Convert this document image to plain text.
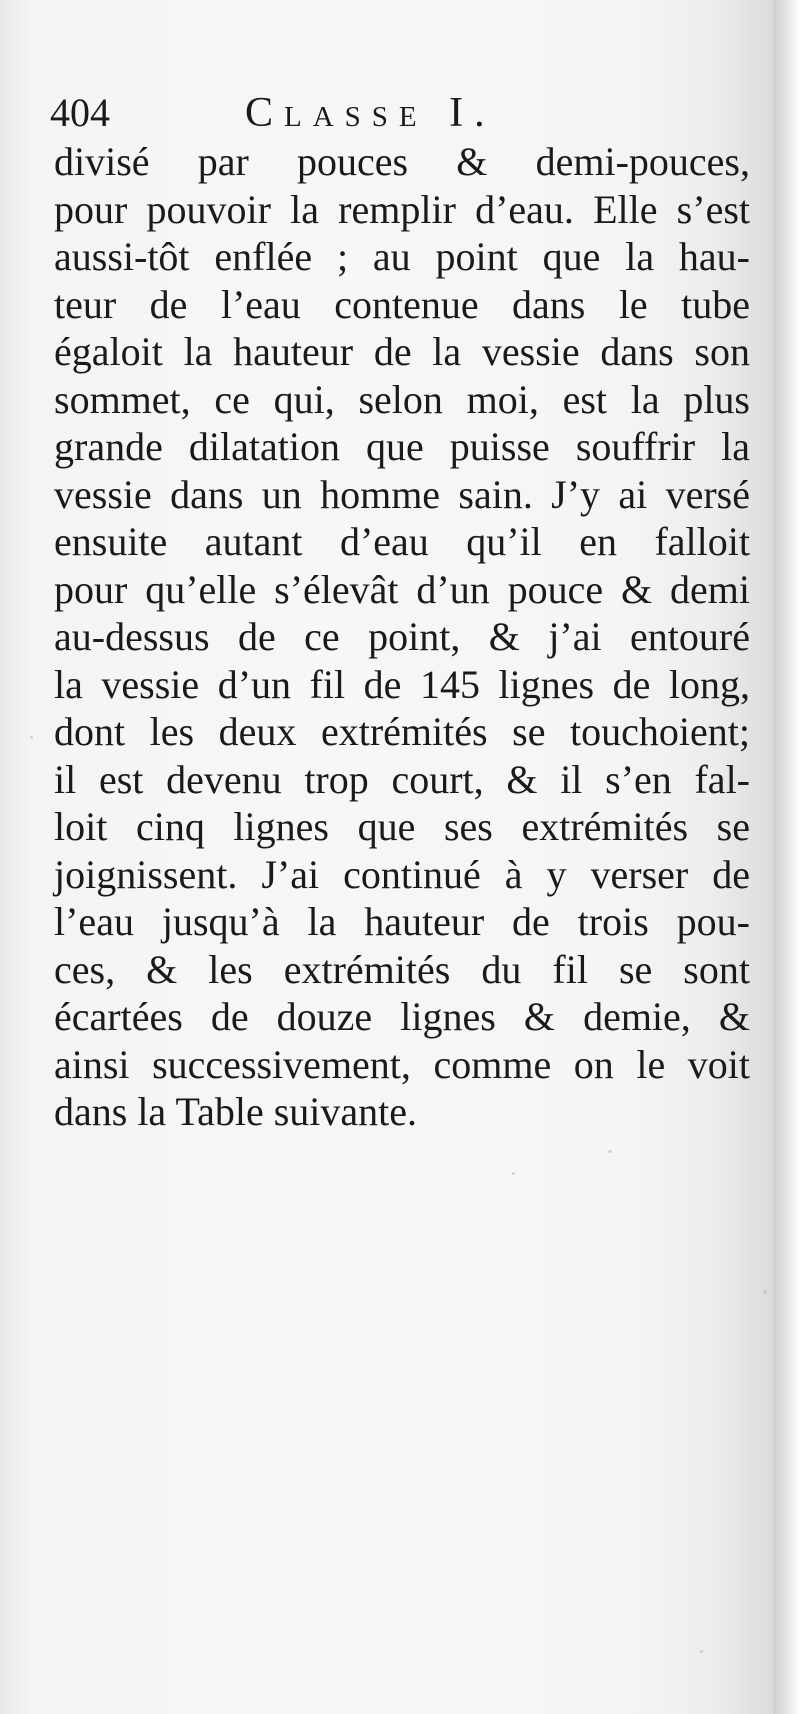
404	Classe I.
divisé par pouces & demi-pouces,
pour pouvoir la remplir d’eau. Elle s’est
aussi-tôt enflée ; au point que la hau-
teur de l’eau contenue dans le tube
égaloit la hauteur de la vessie dans son
sommet, ce qui, selon moi, est la plus
grande dilatation que puisse souffrir la
vessie dans un homme sain. J’y ai versé
ensuite autant d’eau qu’il en falloit
pour qu’elle s’élevât d’un pouce & demi
au-dessus de ce point, & j’ai entouré
la vessie d’un fil de 145 lignes de long,
dont les deux extrémités se touchoient;
il est devenu trop court, & il s’en fal-
loit cinq lignes que ses extrémités se
joignissent. J’ai continué à y verser de
l’eau jusqu’à la hauteur de trois pou-
ces, & les extrémités du fil se sont
écartées de douze lignes & demie, &
ainsi successivement, comme on le voit
dans la Table suivante.
